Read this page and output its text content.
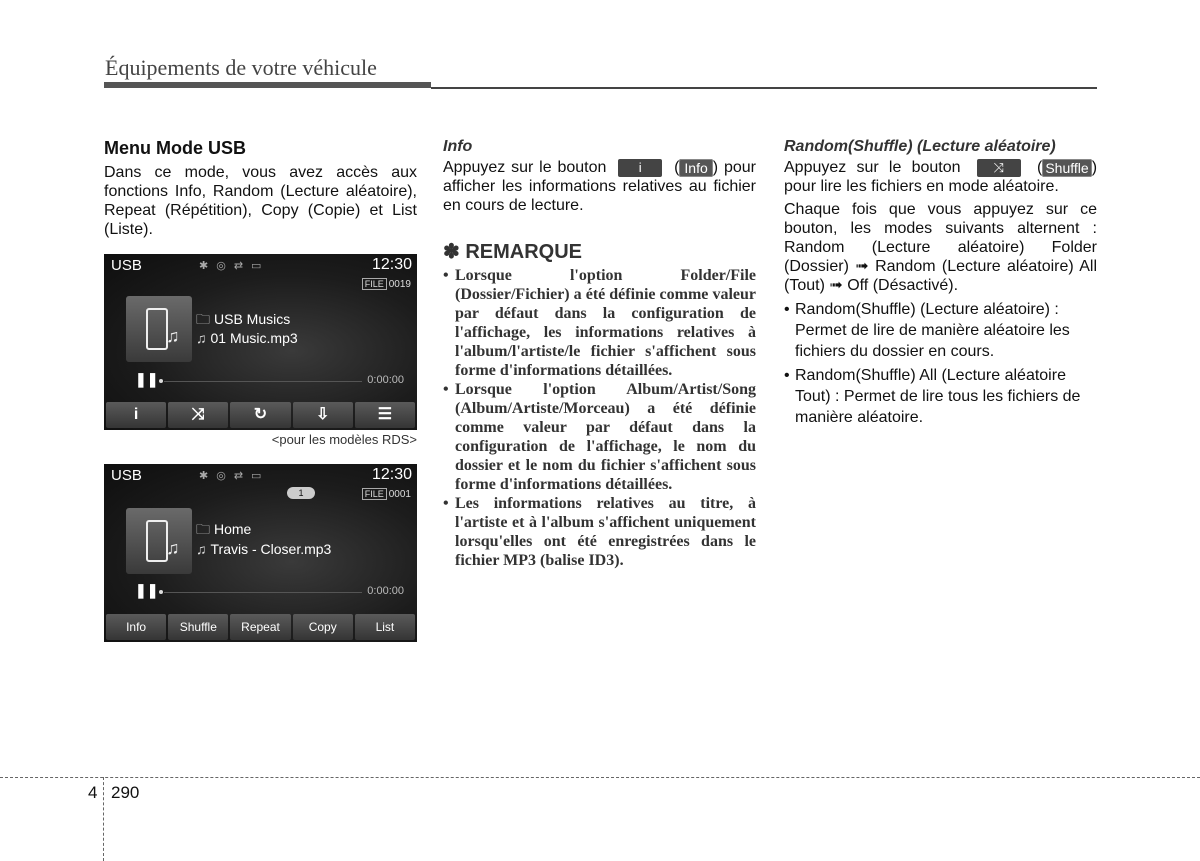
Équipements de votre véhicule
Menu Mode USB

Dans ce mode, vous avez accès aux fonctions Info, Random (Lecture aléatoire), Repeat (Répétition), Copy (Copie) et List (Liste).

USB	✱◎⇄▭	12:30
FILE 0019
♫
🗀 USB Musics
♫ 01 Music.mp3
❚❚	0:00:00
i	⤨	↻	⇩	☰
<pour les modèles RDS>
USB	✱◎⇄▭	12:30
1	FILE 0001
♫
🗀 Home
♫ Travis - Closer.mp3
❚❚	0:00:00
Info	Shuffle	Repeat	Copy	List
Info

Appuyez sur le bouton i ( Info ) pour afficher les informations relatives au fichier en cours de lecture.

✽ REMARQUE
• Lorsque l'option Folder/File (Dossier/Fichier) a été définie comme valeur par défaut dans la configuration de l'affichage, les informations relatives à l'album/l'artiste/le fichier s'affichent sous forme d'informations détaillées.
• Lorsque l'option Album/Artist/Song (Album/Artiste/Morceau) a été définie comme valeur par défaut dans la configuration de l'affichage, le nom du dossier et le nom du fichier s'affichent sous forme d'informations détaillées.
• Les informations relatives au titre, à l'artiste et à l'album s'affichent uniquement lorsqu'elles ont été enregistrées dans le fichier MP3 (balise ID3).
Random(Shuffle) (Lecture aléatoire)

Appuyez sur le bouton	⤨ ( Shuffle ) pour lire les fichiers en mode aléatoire.

Chaque fois que vous appuyez sur ce bouton, les modes suivants alternent : Random (Lecture aléatoire) Folder (Dossier) ➟ Random (Lecture aléatoire) All (Tout) ➟ Off (Désactivé).

• Random(Shuffle) (Lecture aléatoire) : Permet de lire de manière aléatoire les fichiers du dossier en cours.
• Random(Shuffle) All (Lecture aléatoire Tout) : Permet de lire tous les fichiers de manière aléatoire.
4 290
